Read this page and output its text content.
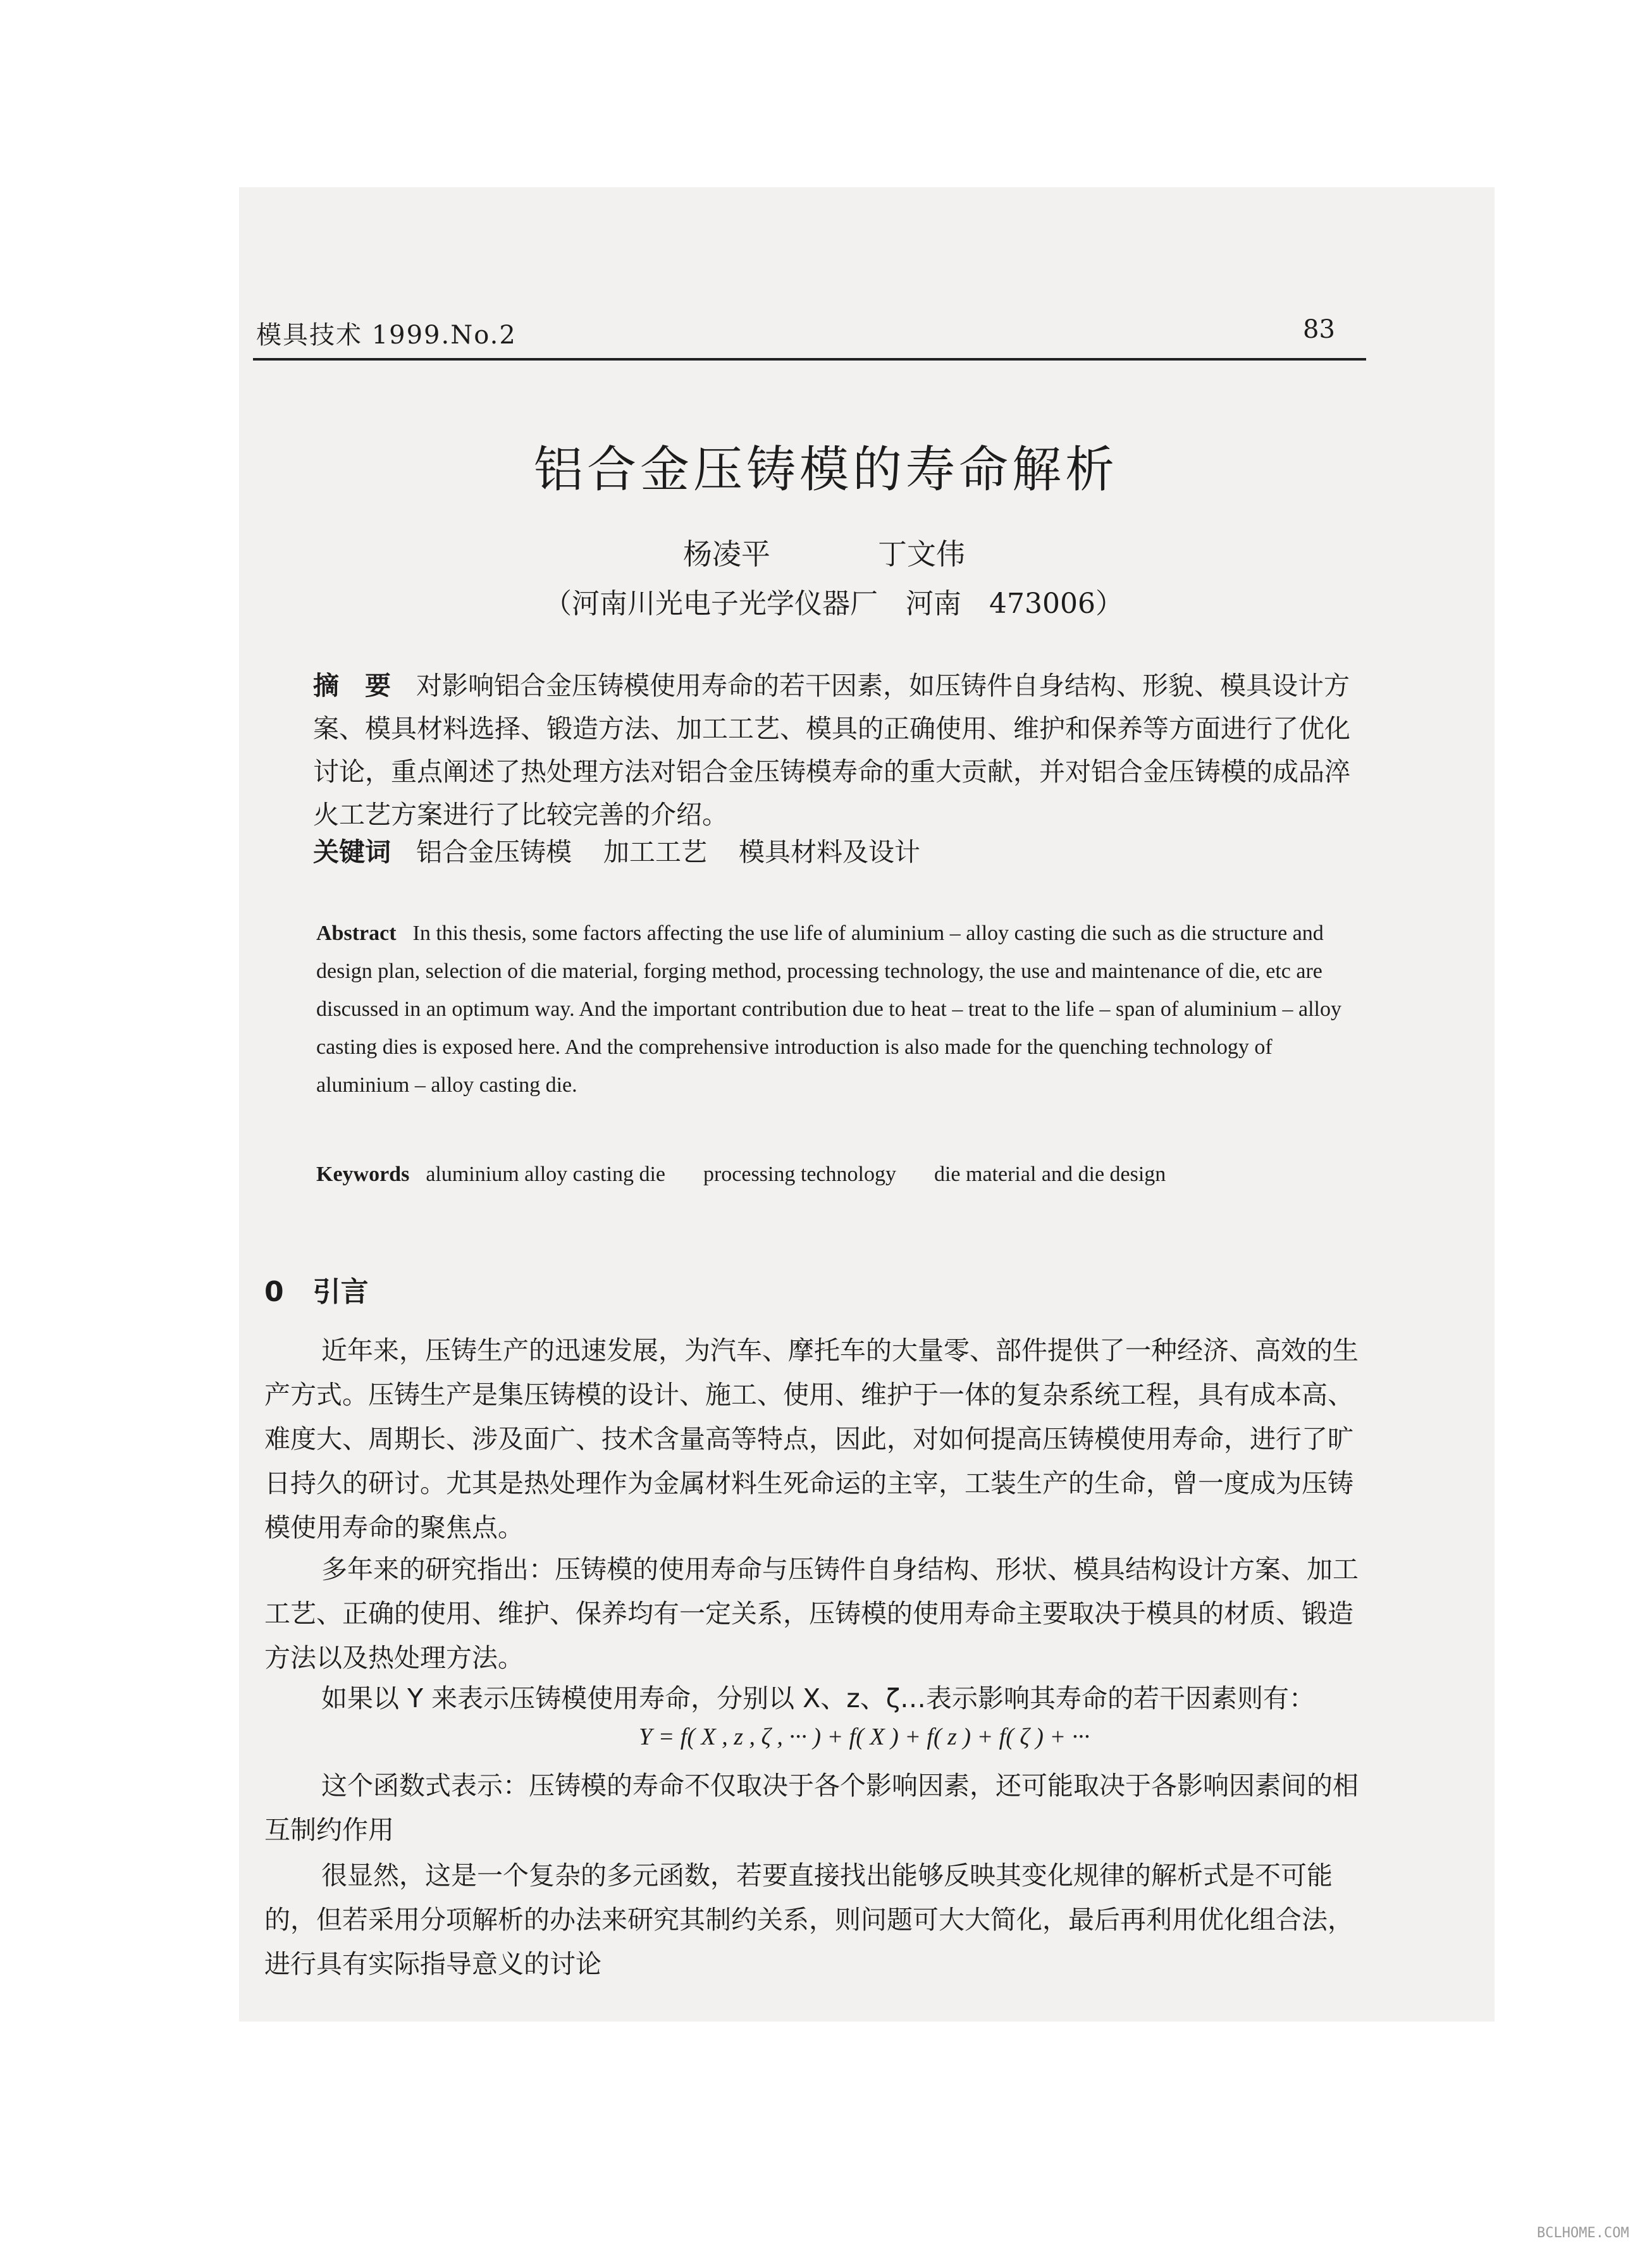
模具技术 1999.No.2	83
铝合金压铸模的寿命解析
杨凌平	丁文伟
（河南川光电子光学仪器厂　河南　473006）
摘　要 对影响铝合金压铸模使用寿命的若干因素，如压铸件自身结构、形貌、模具设计方案、模具材料选择、锻造方法、加工工艺、模具的正确使用、维护和保养等方面进行了优化讨论，重点阐述了热处理方法对铝合金压铸模寿命的重大贡献，并对铝合金压铸模的成品淬火工艺方案进行了比较完善的介绍。
关键词 铝合金压铸模 加工工艺 模具材料及设计
Abstract In this thesis, some factors affecting the use life of aluminium – alloy casting die such as die structure and design plan, selection of die material, forging method, processing technology, the use and maintenance of die, etc are discussed in an optimum way. And the important contribution due to heat – treat to the life – span of aluminium – alloy casting dies is exposed here. And the comprehensive introduction is also made for the quenching technology of aluminium – alloy casting die.
Keywords aluminium alloy casting die processing technology die material and die design
0 引言
近年来，压铸生产的迅速发展，为汽车、摩托车的大量零、部件提供了一种经济、高效的生产方式。压铸生产是集压铸模的设计、施工、使用、维护于一体的复杂系统工程，具有成本高、难度大、周期长、涉及面广、技术含量高等特点，因此，对如何提高压铸模使用寿命，进行了旷日持久的研讨。尤其是热处理作为金属材料生死命运的主宰，工装生产的生命，曾一度成为压铸模使用寿命的聚焦点。
多年来的研究指出：压铸模的使用寿命与压铸件自身结构、形状、模具结构设计方案、加工工艺、正确的使用、维护、保养均有一定关系，压铸模的使用寿命主要取决于模具的材质、锻造方法以及热处理方法。
如果以 Y 来表示压铸模使用寿命，分别以 X、z、ζ…表示影响其寿命的若干因素则有：
Y = f( X , z , ζ , ··· ) + f( X ) + f( z ) + f( ζ ) + ···
这个函数式表示：压铸模的寿命不仅取决于各个影响因素，还可能取决于各影响因素间的相互制约作用
很显然，这是一个复杂的多元函数，若要直接找出能够反映其变化规律的解析式是不可能的，但若采用分项解析的办法来研究其制约关系，则问题可大大简化，最后再利用优化组合法，进行具有实际指导意义的讨论
BCLHOME.COM
